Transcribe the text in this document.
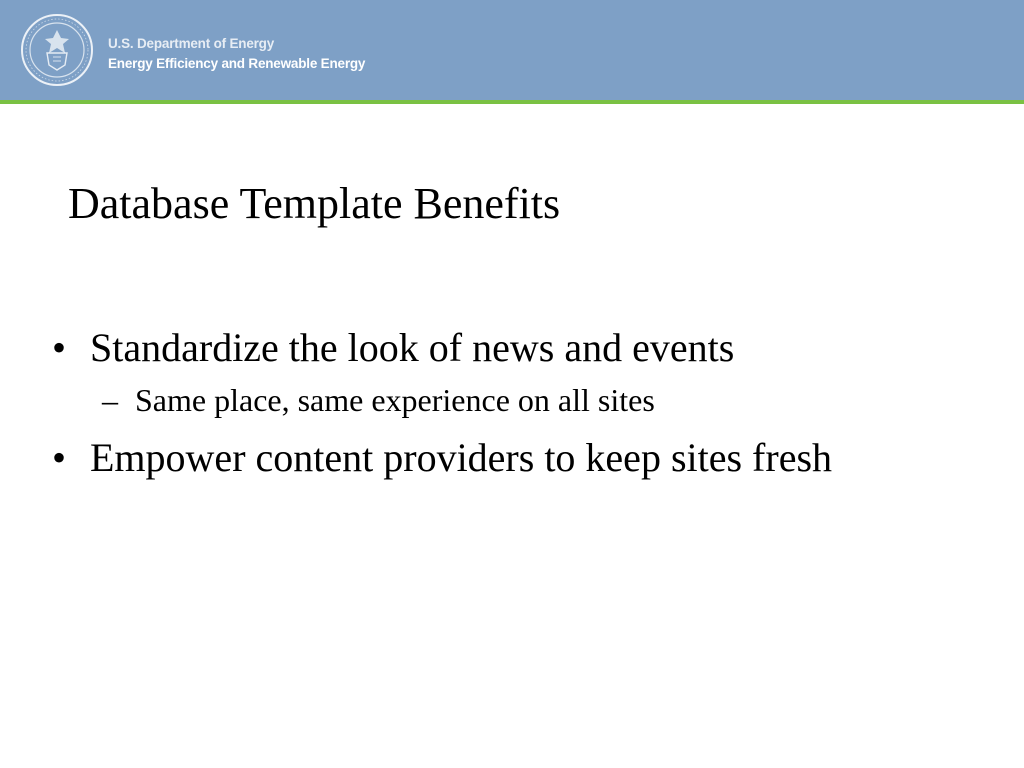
U.S. Department of Energy
Energy Efficiency and Renewable Energy
Database Template Benefits
• Standardize the look of news and events
– Same place, same experience on all sites
• Empower content providers to keep sites fresh
